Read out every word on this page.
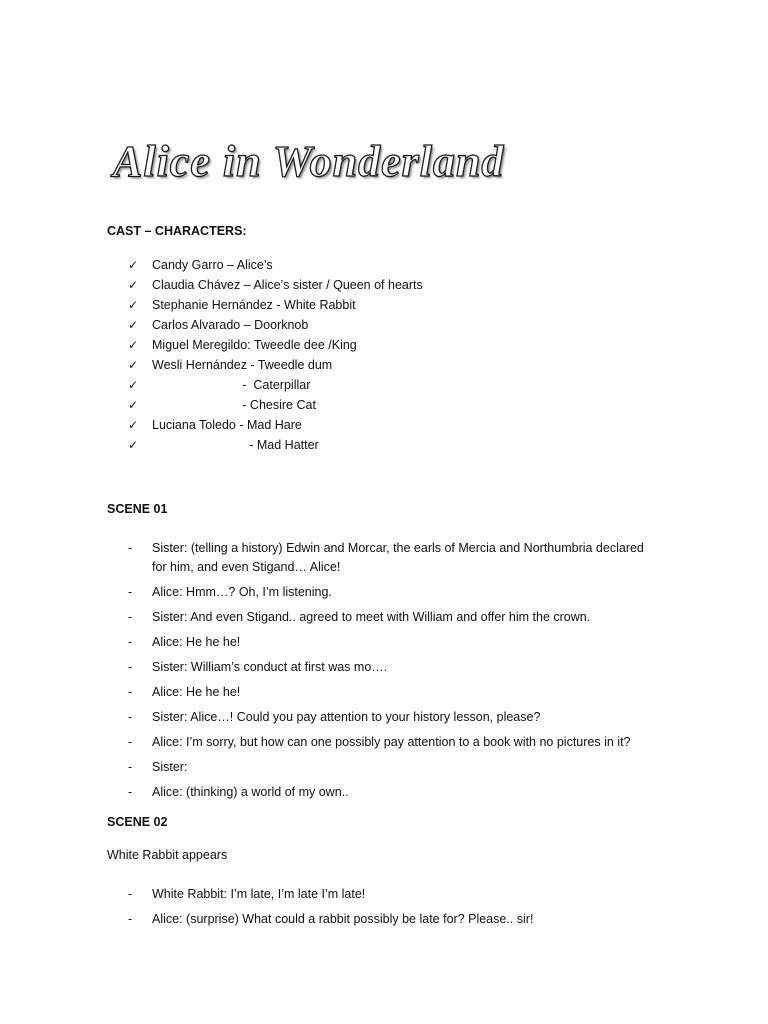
Alice in Wonderland
CAST – CHARACTERS:
✓ Candy Garro – Alice’s
✓ Claudia Chávez – Alice’s sister / Queen of hearts
✓ Stephanie Hernández - White Rabbit
✓ Carlos Alvarado – Doorknob
✓ Miguel Meregildo: Tweedle dee /King
✓ Wesli Hernández - Tweedle dum
✓                          -  Caterpillar
✓                          - Chesire Cat
✓ Luciana Toledo - Mad Hare
✓                            - Mad Hatter
SCENE 01
-	Sister: (telling a history) Edwin and Morcar, the earls of Mercia and Northumbria declared
for him, and even Stigand… Alice!
-	Alice: Hmm…? Oh, I’m listening.
-	Sister: And even Stigand.. agreed to meet with William and offer him the crown.
-	Alice: He he he!
-	Sister: William’s conduct at first was mo….
-	Alice: He he he!
-	Sister: Alice…! Could you pay attention to your history lesson, please?
-	Alice: I’m sorry, but how can one possibly pay attention to a book with no pictures in it?
-	Sister:
-	Alice: (thinking) a world of my own..
SCENE 02
White Rabbit appears
-	White Rabbit: I’m late, I’m late I’m late!
-	Alice: (surprise) What could a rabbit possibly be late for? Please.. sir!
